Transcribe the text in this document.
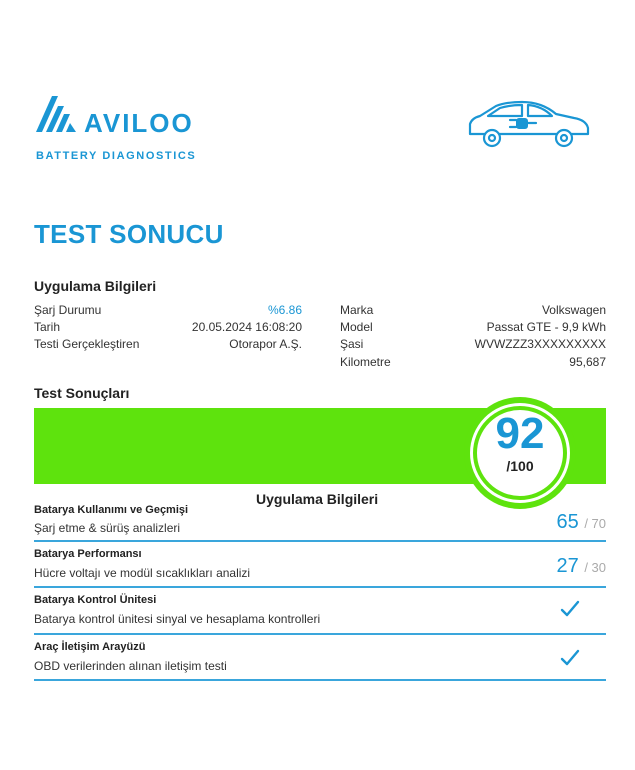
AVILOO
BATTERY DIAGNOSTICS
TEST SONUCU
Uygulama Bilgileri
Şarj Durumu	%6.86
Tarih	20.05.2024 16:08:20
Testi Gerçekleştiren	Otorapor A.Ş.
Marka	Volkswagen
Model	Passat GTE - 9,9 kWh
Şasi	WVWZZZ3XXXXXXXXX
Kilometre	95,687
Test Sonuçları
92
/100
Uygulama Bilgileri
Batarya Kullanımı ve Geçmişi
Şarj etme & sürüş analizleri	65 / 70
Batarya Performansı
Hücre voltajı ve modül sıcaklıkları analizi	27 / 30
Batarya Kontrol Ünitesi
Batarya kontrol ünitesi sinyal ve hesaplama kontrolleri
Araç İletişim Arayüzü
OBD verilerinden alınan iletişim testi
